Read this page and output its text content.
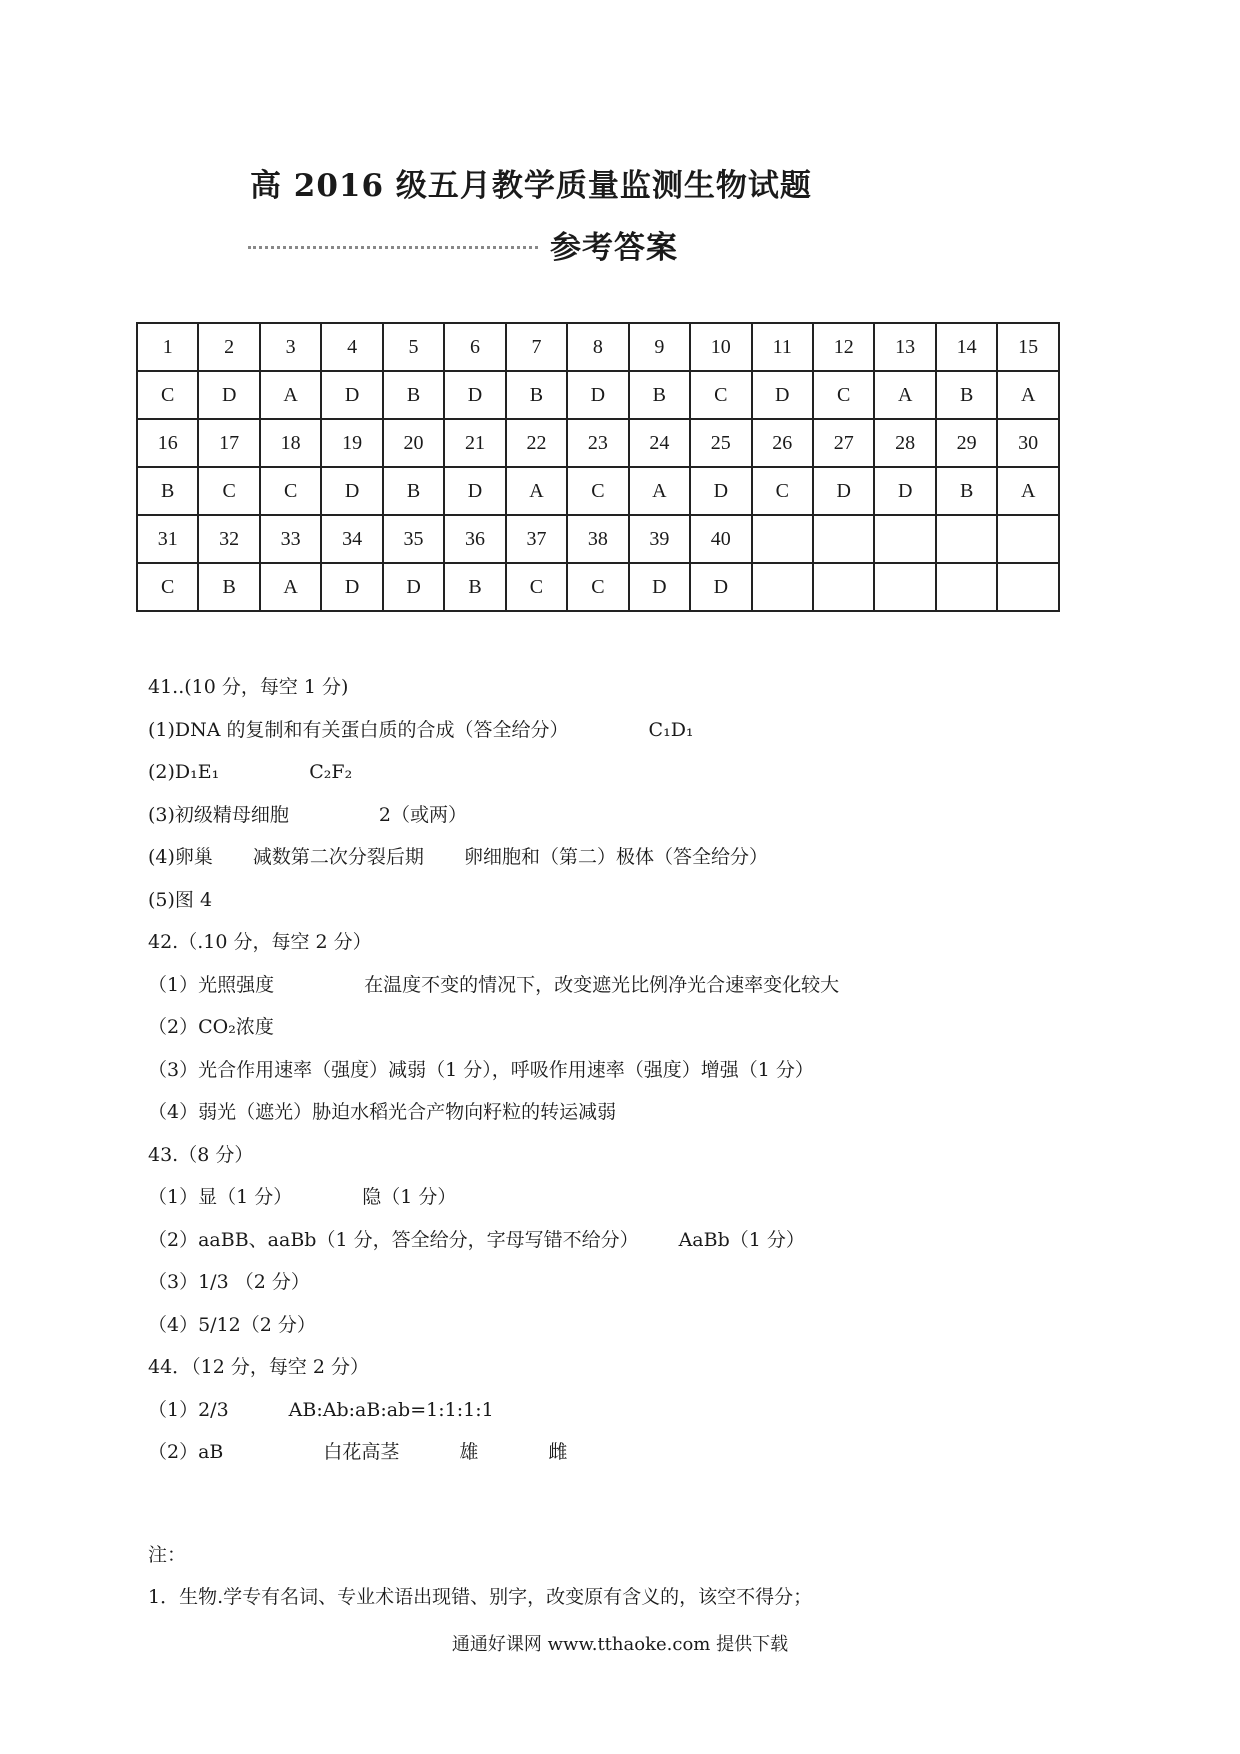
高 2016 级五月教学质量监测生物试题
参考答案
1	2	3	4	5	6	7	8	9	10	11	12	13	14	15
C	D	A	D	B	D	B	D	B	C	D	C	A	B	A
16	17	18	19	20	21	22	23	24	25	26	27	28	29	30
B	C	C	D	B	D	A	C	A	D	C	D	D	B	A
31	32	33	34	35	36	37	38	39	40					
C	B	A	D	D	B	C	C	D	D					
41..(10 分，每空 1 分)
(1)DNA 的复制和有关蛋白质的合成（答全给分）	C₁D₁
(2)D₁E₁	C₂F₂
(3)初级精母细胞	2（或两）
(4)卵巢 减数第二次分裂后期 卵细胞和（第二）极体（答全给分）
(5)图 4
42.（.10 分，每空 2 分）
（1）光照强度	在温度不变的情况下，改变遮光比例净光合速率变化较大
（2）CO₂浓度
（3）光合作用速率（强度）减弱（1 分），呼吸作用速率（强度）增强（1 分）
（4）弱光（遮光）胁迫水稻光合产物向籽粒的转运减弱
43.（8 分）
（1）显（1 分）	隐（1 分）
（2）aaBB、aaBb（1 分，答全给分，字母写错不给分） AaBb（1 分）
（3）1/3 （2 分）
（4）5/12（2 分）
44．（12 分，每空 2 分）
（1）2/3	AB:Ab:aB:ab=1:1:1:1
（2）aB	白花高茎	雄	雌
注：
1．生物.学专有名词、专业术语出现错、别字，改变原有含义的，该空不得分；
通通好课网 www.tthaoke.com 提供下载
